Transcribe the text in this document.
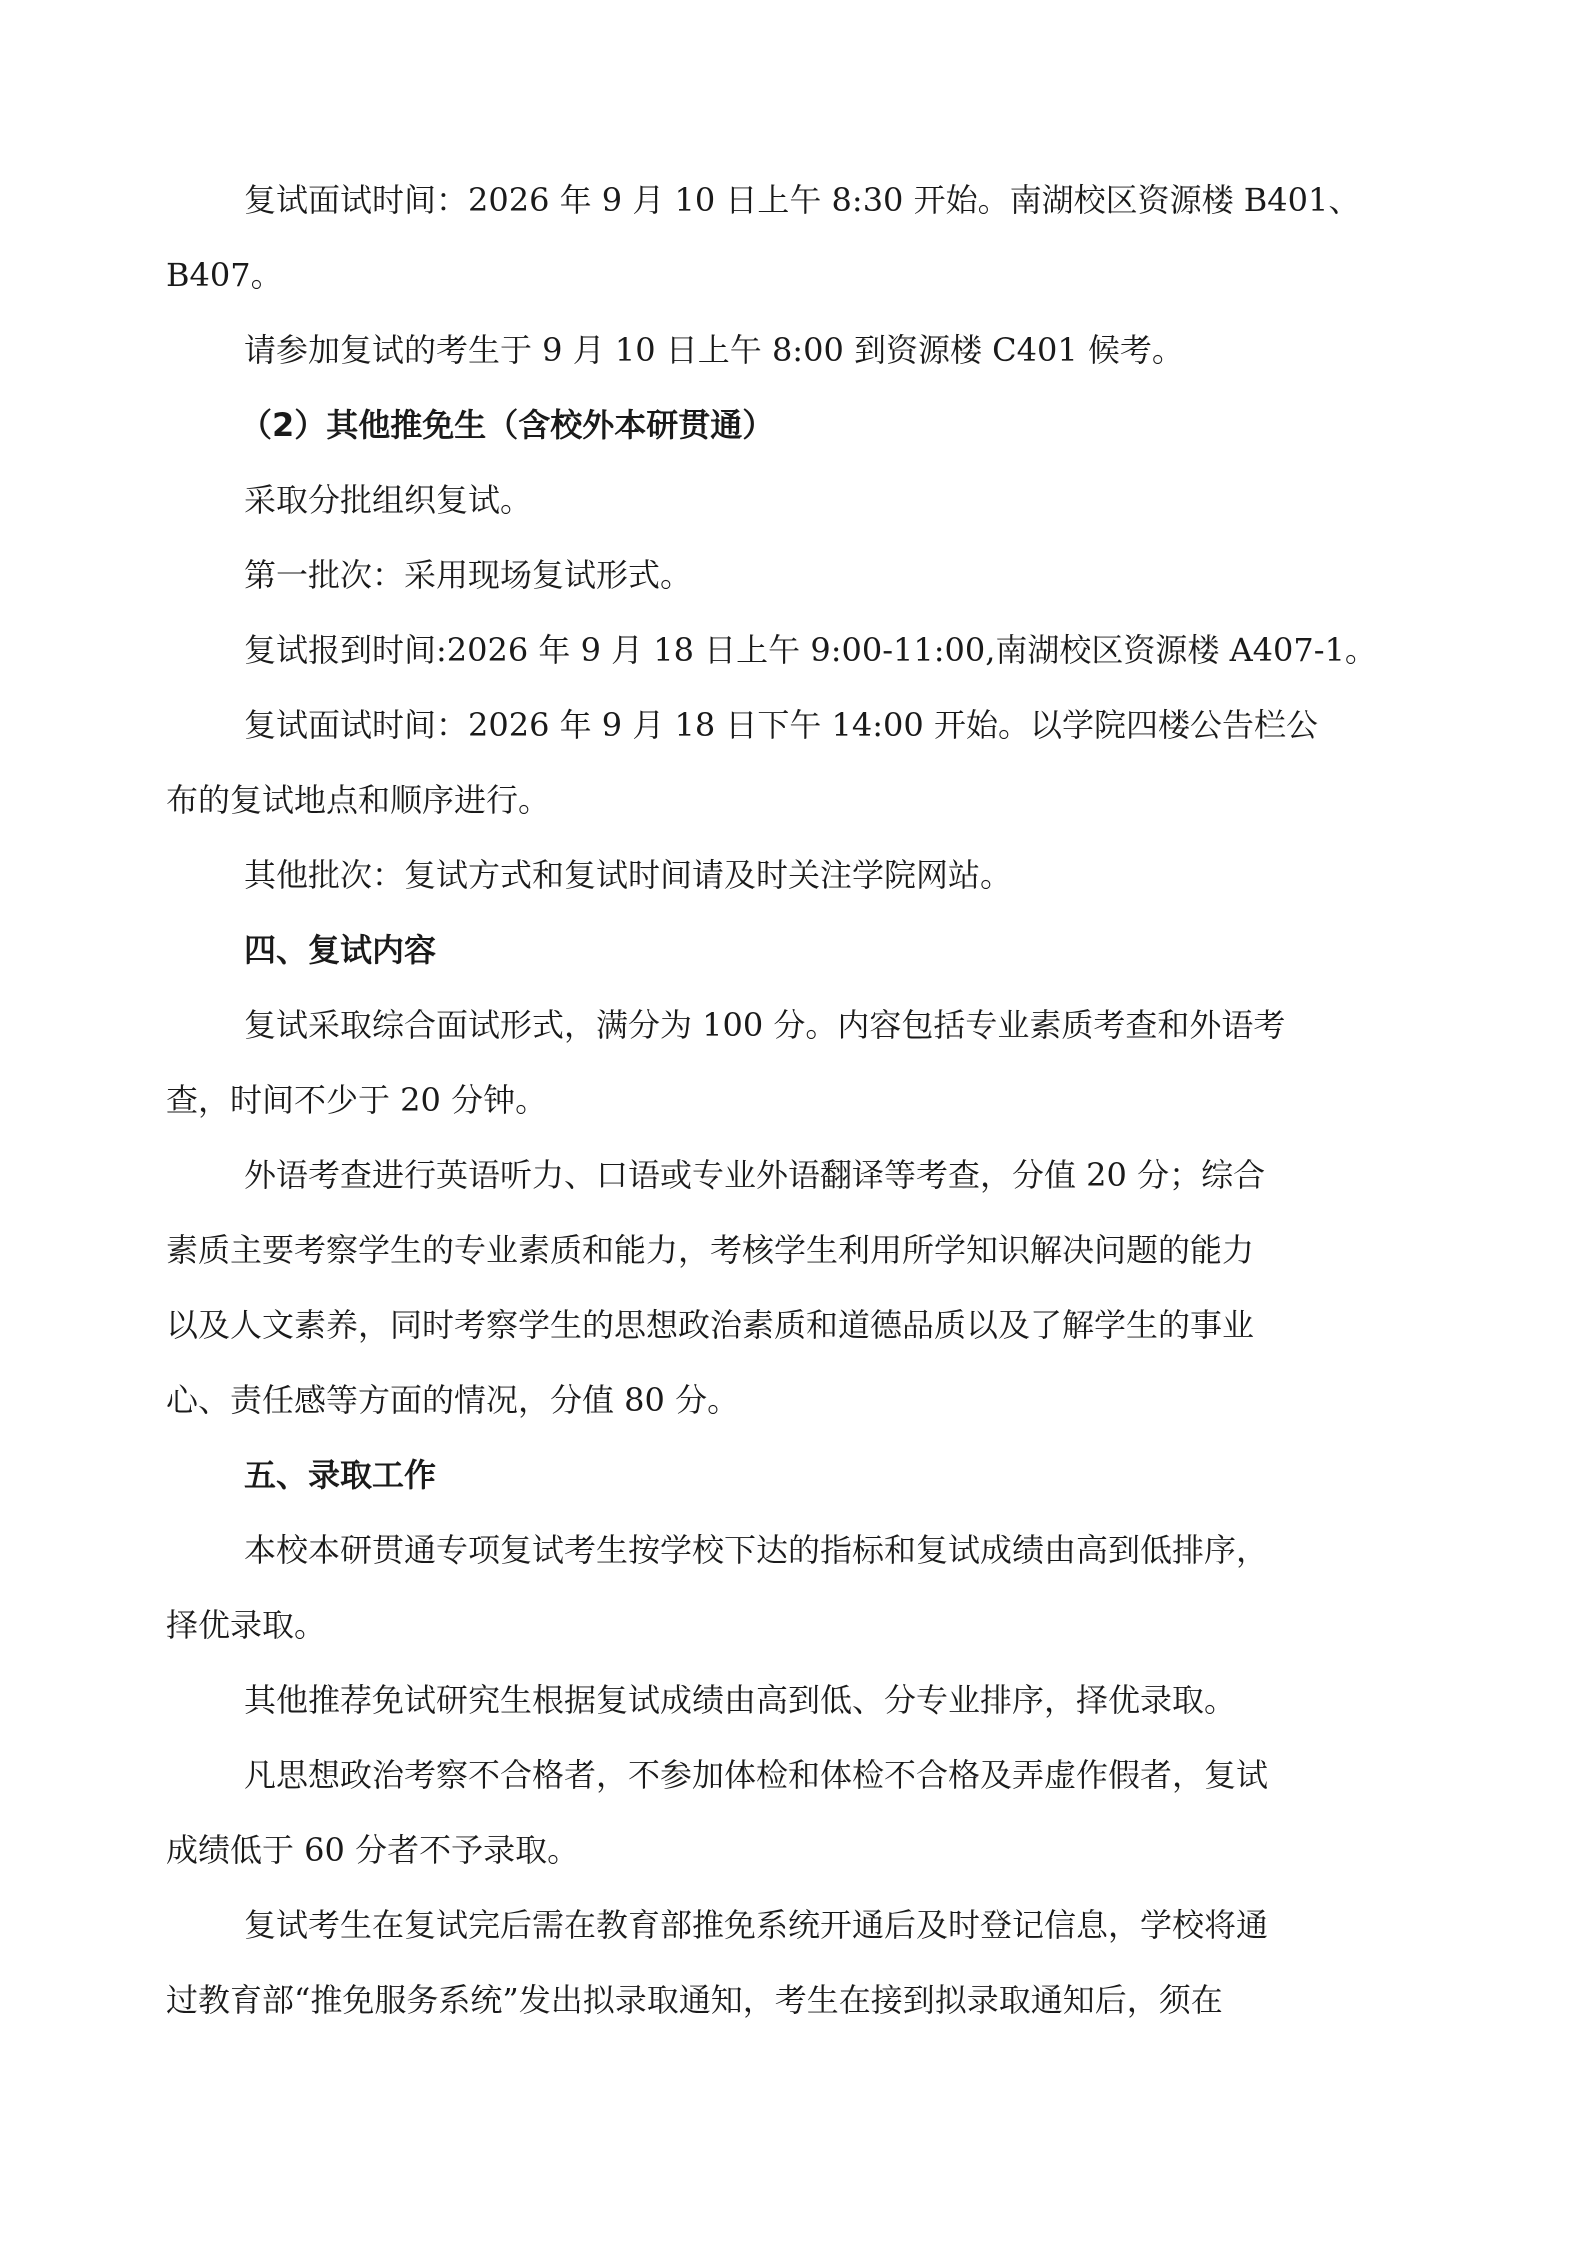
复试面试时间：2026 年 9 月 10 日上午 8:30 开始。南湖校区资源楼 B401、
B407。
请参加复试的考生于 9 月 10 日上午 8:00 到资源楼 C401 候考。
（2）其他推免生（含校外本研贯通）
采取分批组织复试。
第一批次：采用现场复试形式。
复试报到时间:2026 年 9 月 18 日上午 9:00-11:00,南湖校区资源楼 A407-1。
复试面试时间：2026 年 9 月 18 日下午 14:00 开始。以学院四楼公告栏公
布的复试地点和顺序进行。
其他批次：复试方式和复试时间请及时关注学院网站。
四、复试内容
复试采取综合面试形式，满分为 100 分。内容包括专业素质考查和外语考
查，时间不少于 20 分钟。
外语考查进行英语听力、口语或专业外语翻译等考查，分值 20 分；综合
素质主要考察学生的专业素质和能力，考核学生利用所学知识解决问题的能力
以及人文素养，同时考察学生的思想政治素质和道德品质以及了解学生的事业
心、责任感等方面的情况，分值 80 分。
五、录取工作
本校本研贯通专项复试考生按学校下达的指标和复试成绩由高到低排序，
择优录取。
其他推荐免试研究生根据复试成绩由高到低、分专业排序，择优录取。
凡思想政治考察不合格者，不参加体检和体检不合格及弄虚作假者，复试
成绩低于 60 分者不予录取。
复试考生在复试完后需在教育部推免系统开通后及时登记信息，学校将通
过教育部“推免服务系统”发出拟录取通知，考生在接到拟录取通知后，须在
